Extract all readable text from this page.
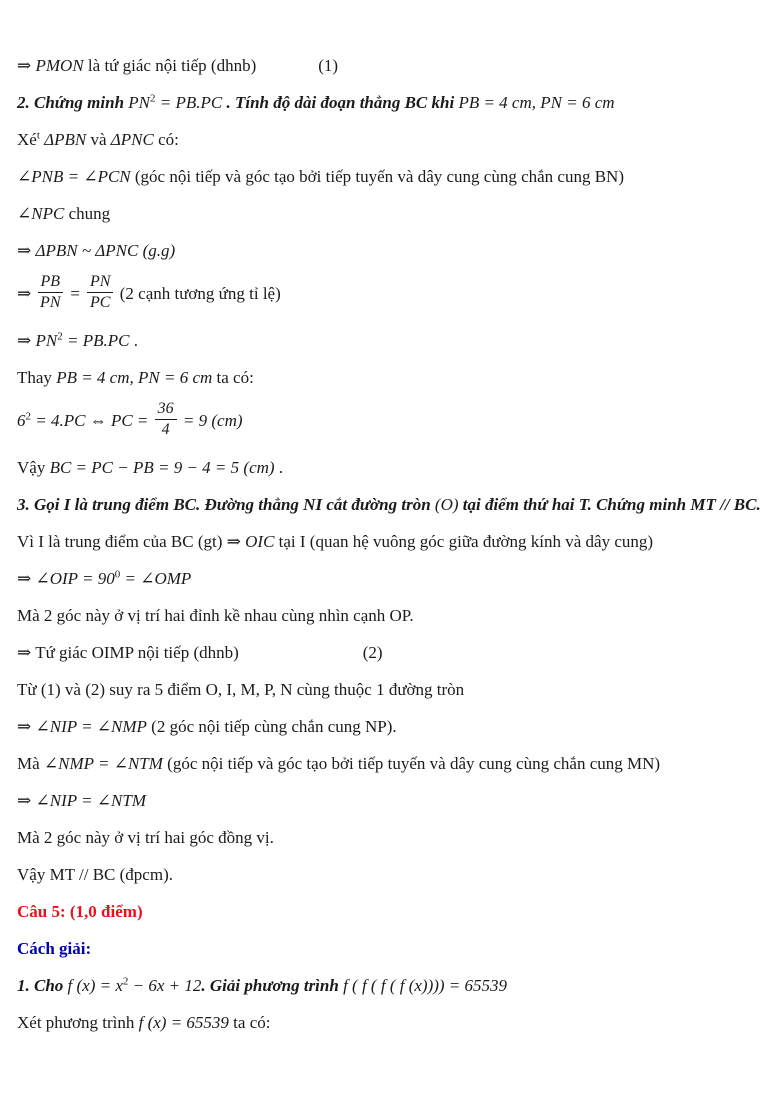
⇒ PMON là tứ giác nội tiếp (dhnb)	(1)
2. Chứng minh $PN^2 = PB.PC$ . Tính độ dài đoạn thẳng BC khi PB = 4 cm, PN = 6 cm
$Xé^t$ ΔPBN và ΔPNC có:
∠PNB = ∠PCN (góc nội tiếp và góc tạo bởi tiếp tuyến và dây cung cùng chắn cung BN)
∠NPC chung
⇒ ΔPBN ~ ΔPNC (g.g)
⇒ $\frac{PB}{PN} = \frac{PN}{PC} (2$ cạnh tương ứng tỉ lệ)
⇒ $PN^2 = PB.PC$ .
Thay PB = 4 cm, PN = 6 cm ta có:
$6^2 = 4.PC$ ⇔ PC = $\frac{36}{4} = 9$ (cm)
Vậy BC = PC − PB = 9 − 4 = 5 (cm) .
3. Gọi I là trung điểm BC. Đường thẳng NI cắt đường tròn (O) tại điểm thứ hai T. Chứng minh MT // BC.
Vì I là trung điểm của BC (gt) ⇒ OIC tại I (quan hệ vuông góc giữa đường kính và dây cung)
⇒ ∠OIP = $90^0$ = ∠OMP
Mà 2 góc này ở vị trí hai đỉnh kề nhau cùng nhìn cạnh OP.
⇒ Tứ giác OIMP nội tiếp (dhnb)	(2)
Từ (1) và (2) suy ra 5 điểm O, I, M, P, N cùng thuộc 1 đường tròn
⇒ ∠NIP = ∠NMP (2 góc nội tiếp cùng chắn cung NP).
Mà ∠NMP = ∠NTM (góc nội tiếp và góc tạo bởi tiếp tuyến và dây cung cùng chắn cung MN)
⇒ ∠NIP = ∠NTM
Mà 2 góc này ở vị trí hai góc đồng vị.
Vậy MT // BC (đpcm).
Câu 5: (1,0 điểm)
Cách giải:
1. Cho f $(x) = x^2 - 6x + 12$. Giải phương trình f ( f ( f ( f (x)))) = 65539
Xét phương trình f (x) = 65539 ta có:
